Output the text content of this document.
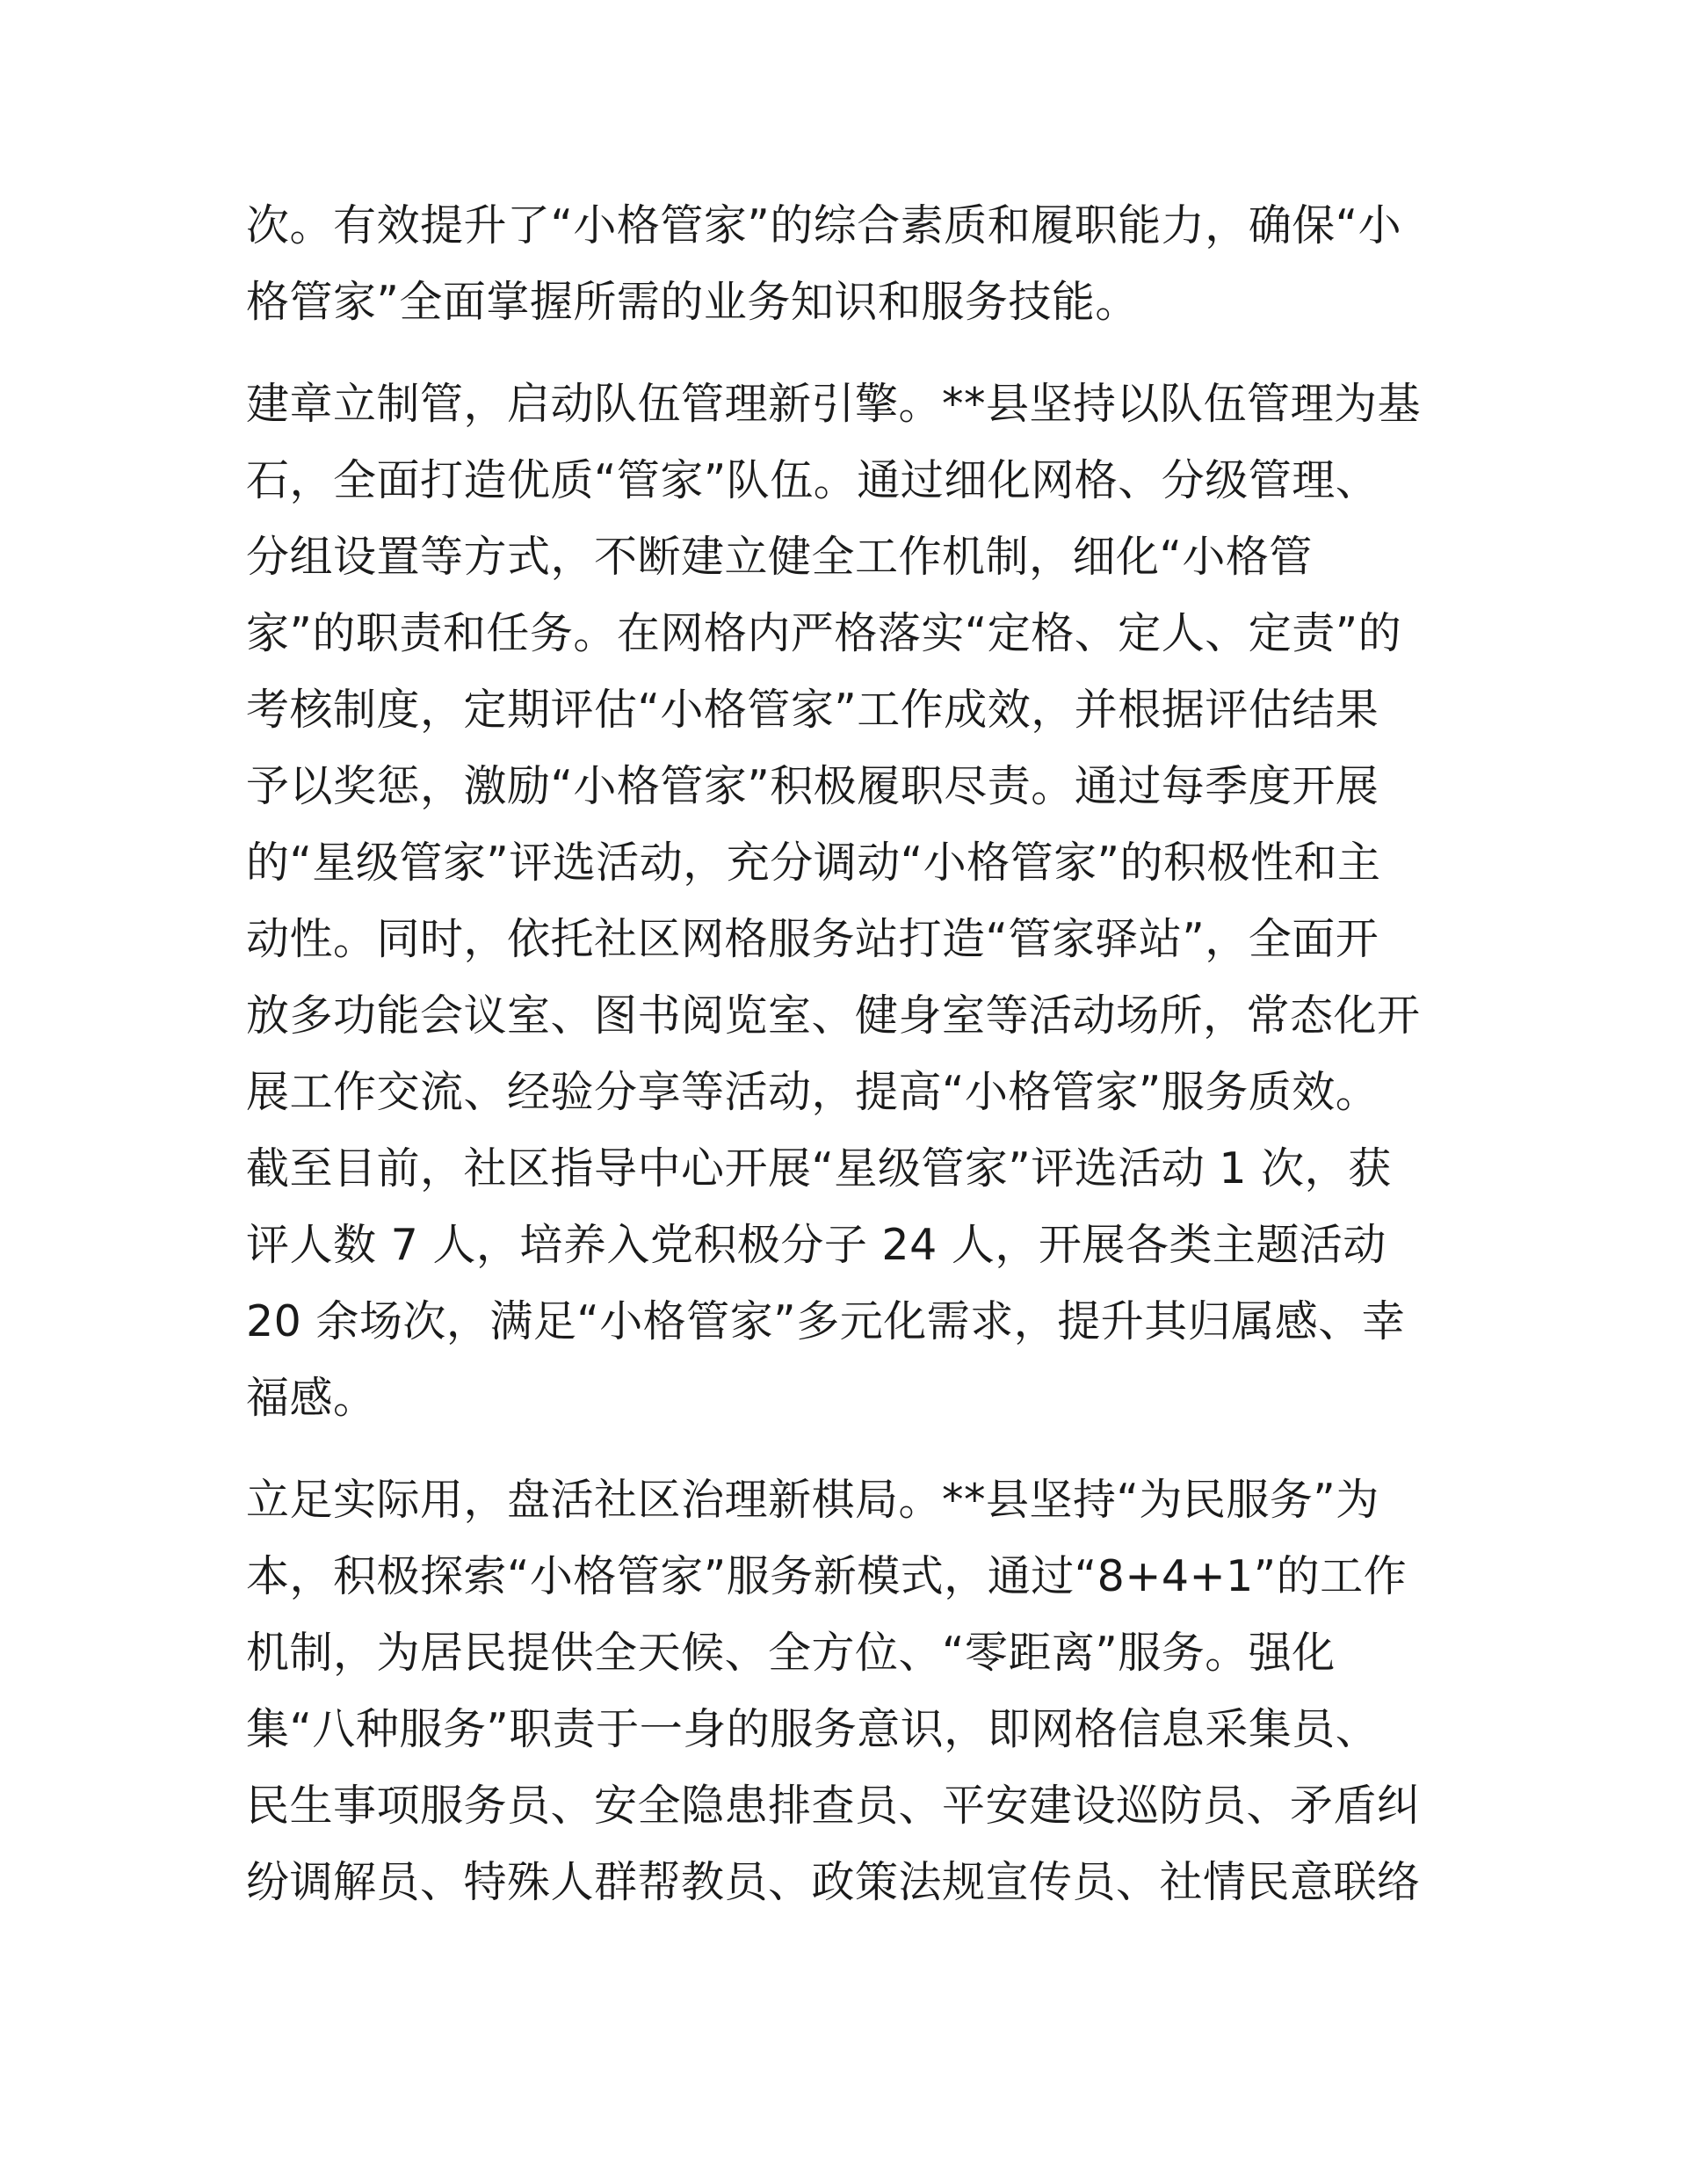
次。有效提升了“小格管家”的综合素质和履职能力，确保“小
格管家”全面掌握所需的业务知识和服务技能。
建章立制管，启动队伍管理新引擎。**县坚持以队伍管理为基
石，全面打造优质“管家”队伍。通过细化网格、分级管理、
分组设置等方式，不断建立健全工作机制，细化“小格管
家”的职责和任务。在网格内严格落实“定格、定人、定责”的
考核制度，定期评估“小格管家”工作成效，并根据评估结果
予以奖惩，激励“小格管家”积极履职尽责。通过每季度开展
的“星级管家”评选活动，充分调动“小格管家”的积极性和主
动性。同时，依托社区网格服务站打造“管家驿站”，全面开
放多功能会议室、图书阅览室、健身室等活动场所，常态化开
展工作交流、经验分享等活动，提高“小格管家”服务质效。
截至目前，社区指导中心开展“星级管家”评选活动 1 次，获
评人数 7 人，培养入党积极分子 24 人，开展各类主题活动
20 余场次，满足“小格管家”多元化需求，提升其归属感、幸
福感。
立足实际用，盘活社区治理新棋局。**县坚持“为民服务”为
本，积极探索“小格管家”服务新模式，通过“8+4+1”的工作
机制，为居民提供全天候、全方位、“零距离”服务。强化
集“八种服务”职责于一身的服务意识，即网格信息采集员、
民生事项服务员、安全隐患排查员、平安建设巡防员、矛盾纠
纷调解员、特殊人群帮教员、政策法规宣传员、社情民意联络
